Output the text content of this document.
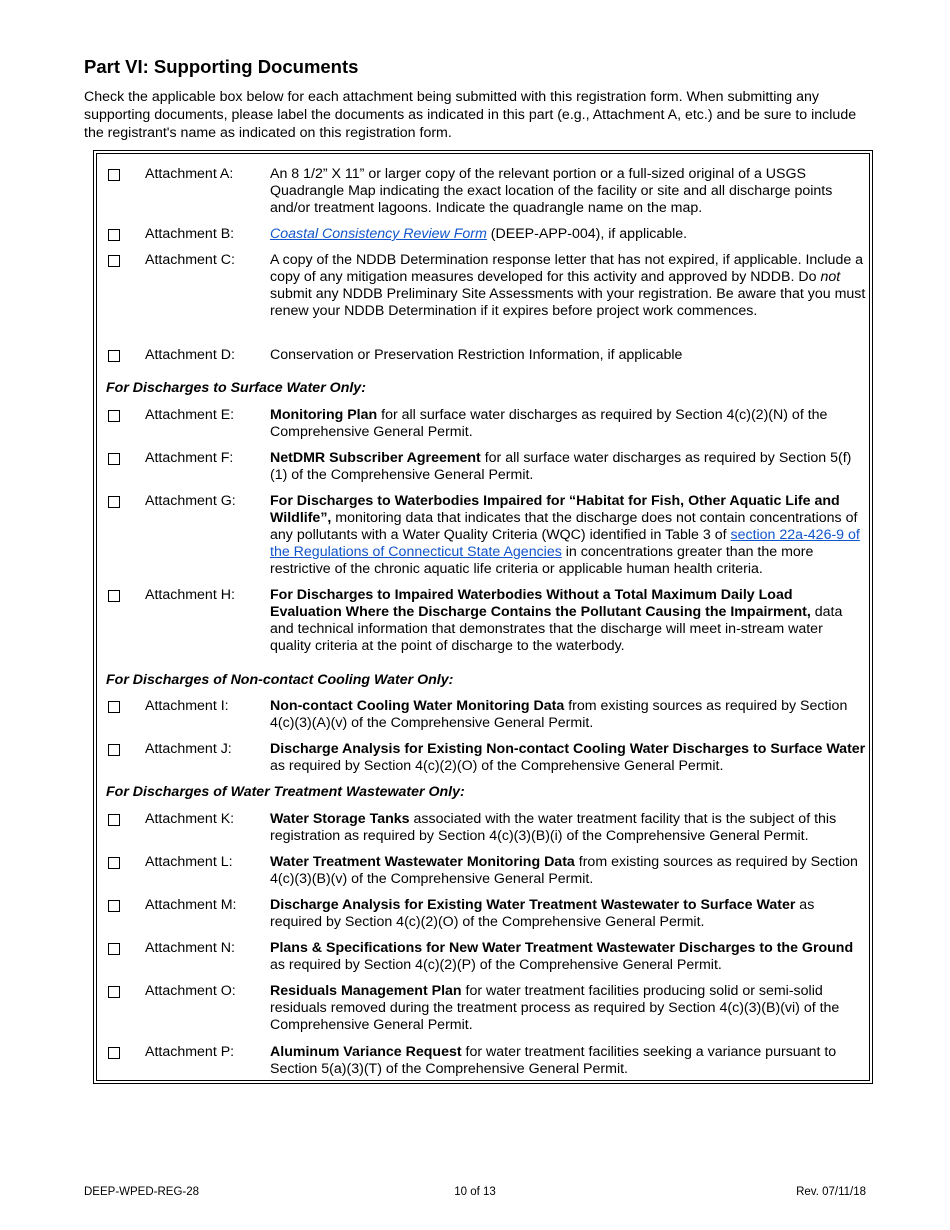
Part VI: Supporting Documents

Check the applicable box below for each attachment being submitted with this registration form. When submitting any supporting documents, please label the documents as indicated in this part (e.g., Attachment A, etc.) and be sure to include the registrant's name as indicated on this registration form.

Attachment A:	An 8 1/2” X 11” or larger copy of the relevant portion or a full-sized original of a USGS Quadrangle Map indicating the exact location of the facility or site and all discharge points and/or treatment lagoons. Indicate the quadrangle name on the map.
Attachment B:	Coastal Consistency Review Form (DEEP-APP-004), if applicable.
Attachment C: A copy of the NDDB Determination response letter that has not expired, if applicable. Include a copy of any mitigation measures developed for this activity and approved by NDDB. Do not submit any NDDB Preliminary Site Assessments with your registration. Be aware that you must renew your NDDB Determination if it expires before project work commences.
Attachment D: Conservation or Preservation Restriction Information, if applicable
For Discharges to Surface Water Only:
Attachment E:	Monitoring Plan for all surface water discharges as required by Section 4(c)(2)(N) of the Comprehensive General Permit.
Attachment F:	NetDMR Subscriber Agreement for all surface water discharges as required by Section 5(f)(1) of the Comprehensive General Permit.
Attachment G: For Discharges to Waterbodies Impaired for “Habitat for Fish, Other Aquatic Life and Wildlife”, monitoring data that indicates that the discharge does not contain concentrations of any pollutants with a Water Quality Criteria (WQC) identified in Table 3 of section 22a-426-9 of the Regulations of Connecticut State Agencies in concentrations greater than the more restrictive of the chronic aquatic life criteria or applicable human health criteria.
Attachment H: For Discharges to Impaired Waterbodies Without a Total Maximum Daily Load Evaluation Where the Discharge Contains the Pollutant Causing the Impairment, data and technical information that demonstrates that the discharge will meet in-stream water quality criteria at the point of discharge to the waterbody.
For Discharges of Non-contact Cooling Water Only:
Attachment I:	Non-contact Cooling Water Monitoring Data from existing sources as required by Section 4(c)(3)(A)(v) of the Comprehensive General Permit.
Attachment J:	Discharge Analysis for Existing Non-contact Cooling Water Discharges to Surface Water as required by Section 4(c)(2)(O) of the Comprehensive General Permit.
For Discharges of Water Treatment Wastewater Only:
Attachment K:	Water Storage Tanks associated with the water treatment facility that is the subject of this registration as required by Section 4(c)(3)(B)(i) of the Comprehensive General Permit.
Attachment L:	Water Treatment Wastewater Monitoring Data from existing sources as required by Section 4(c)(3)(B)(v) of the Comprehensive General Permit.
Attachment M: Discharge Analysis for Existing Water Treatment Wastewater to Surface Water as required by Section 4(c)(2)(O) of the Comprehensive General Permit.
Attachment N: Plans & Specifications for New Water Treatment Wastewater Discharges to the Ground as required by Section 4(c)(2)(P) of the Comprehensive General Permit.
Attachment O: Residuals Management Plan for water treatment facilities producing solid or semi-solid residuals removed during the treatment process as required by Section 4(c)(3)(B)(vi) of the Comprehensive General Permit.
Attachment P:	Aluminum Variance Request for water treatment facilities seeking a variance pursuant to Section 5(a)(3)(T) of the Comprehensive General Permit.
DEEP-WPED-REG-28	10 of 13	Rev. 07/11/18
